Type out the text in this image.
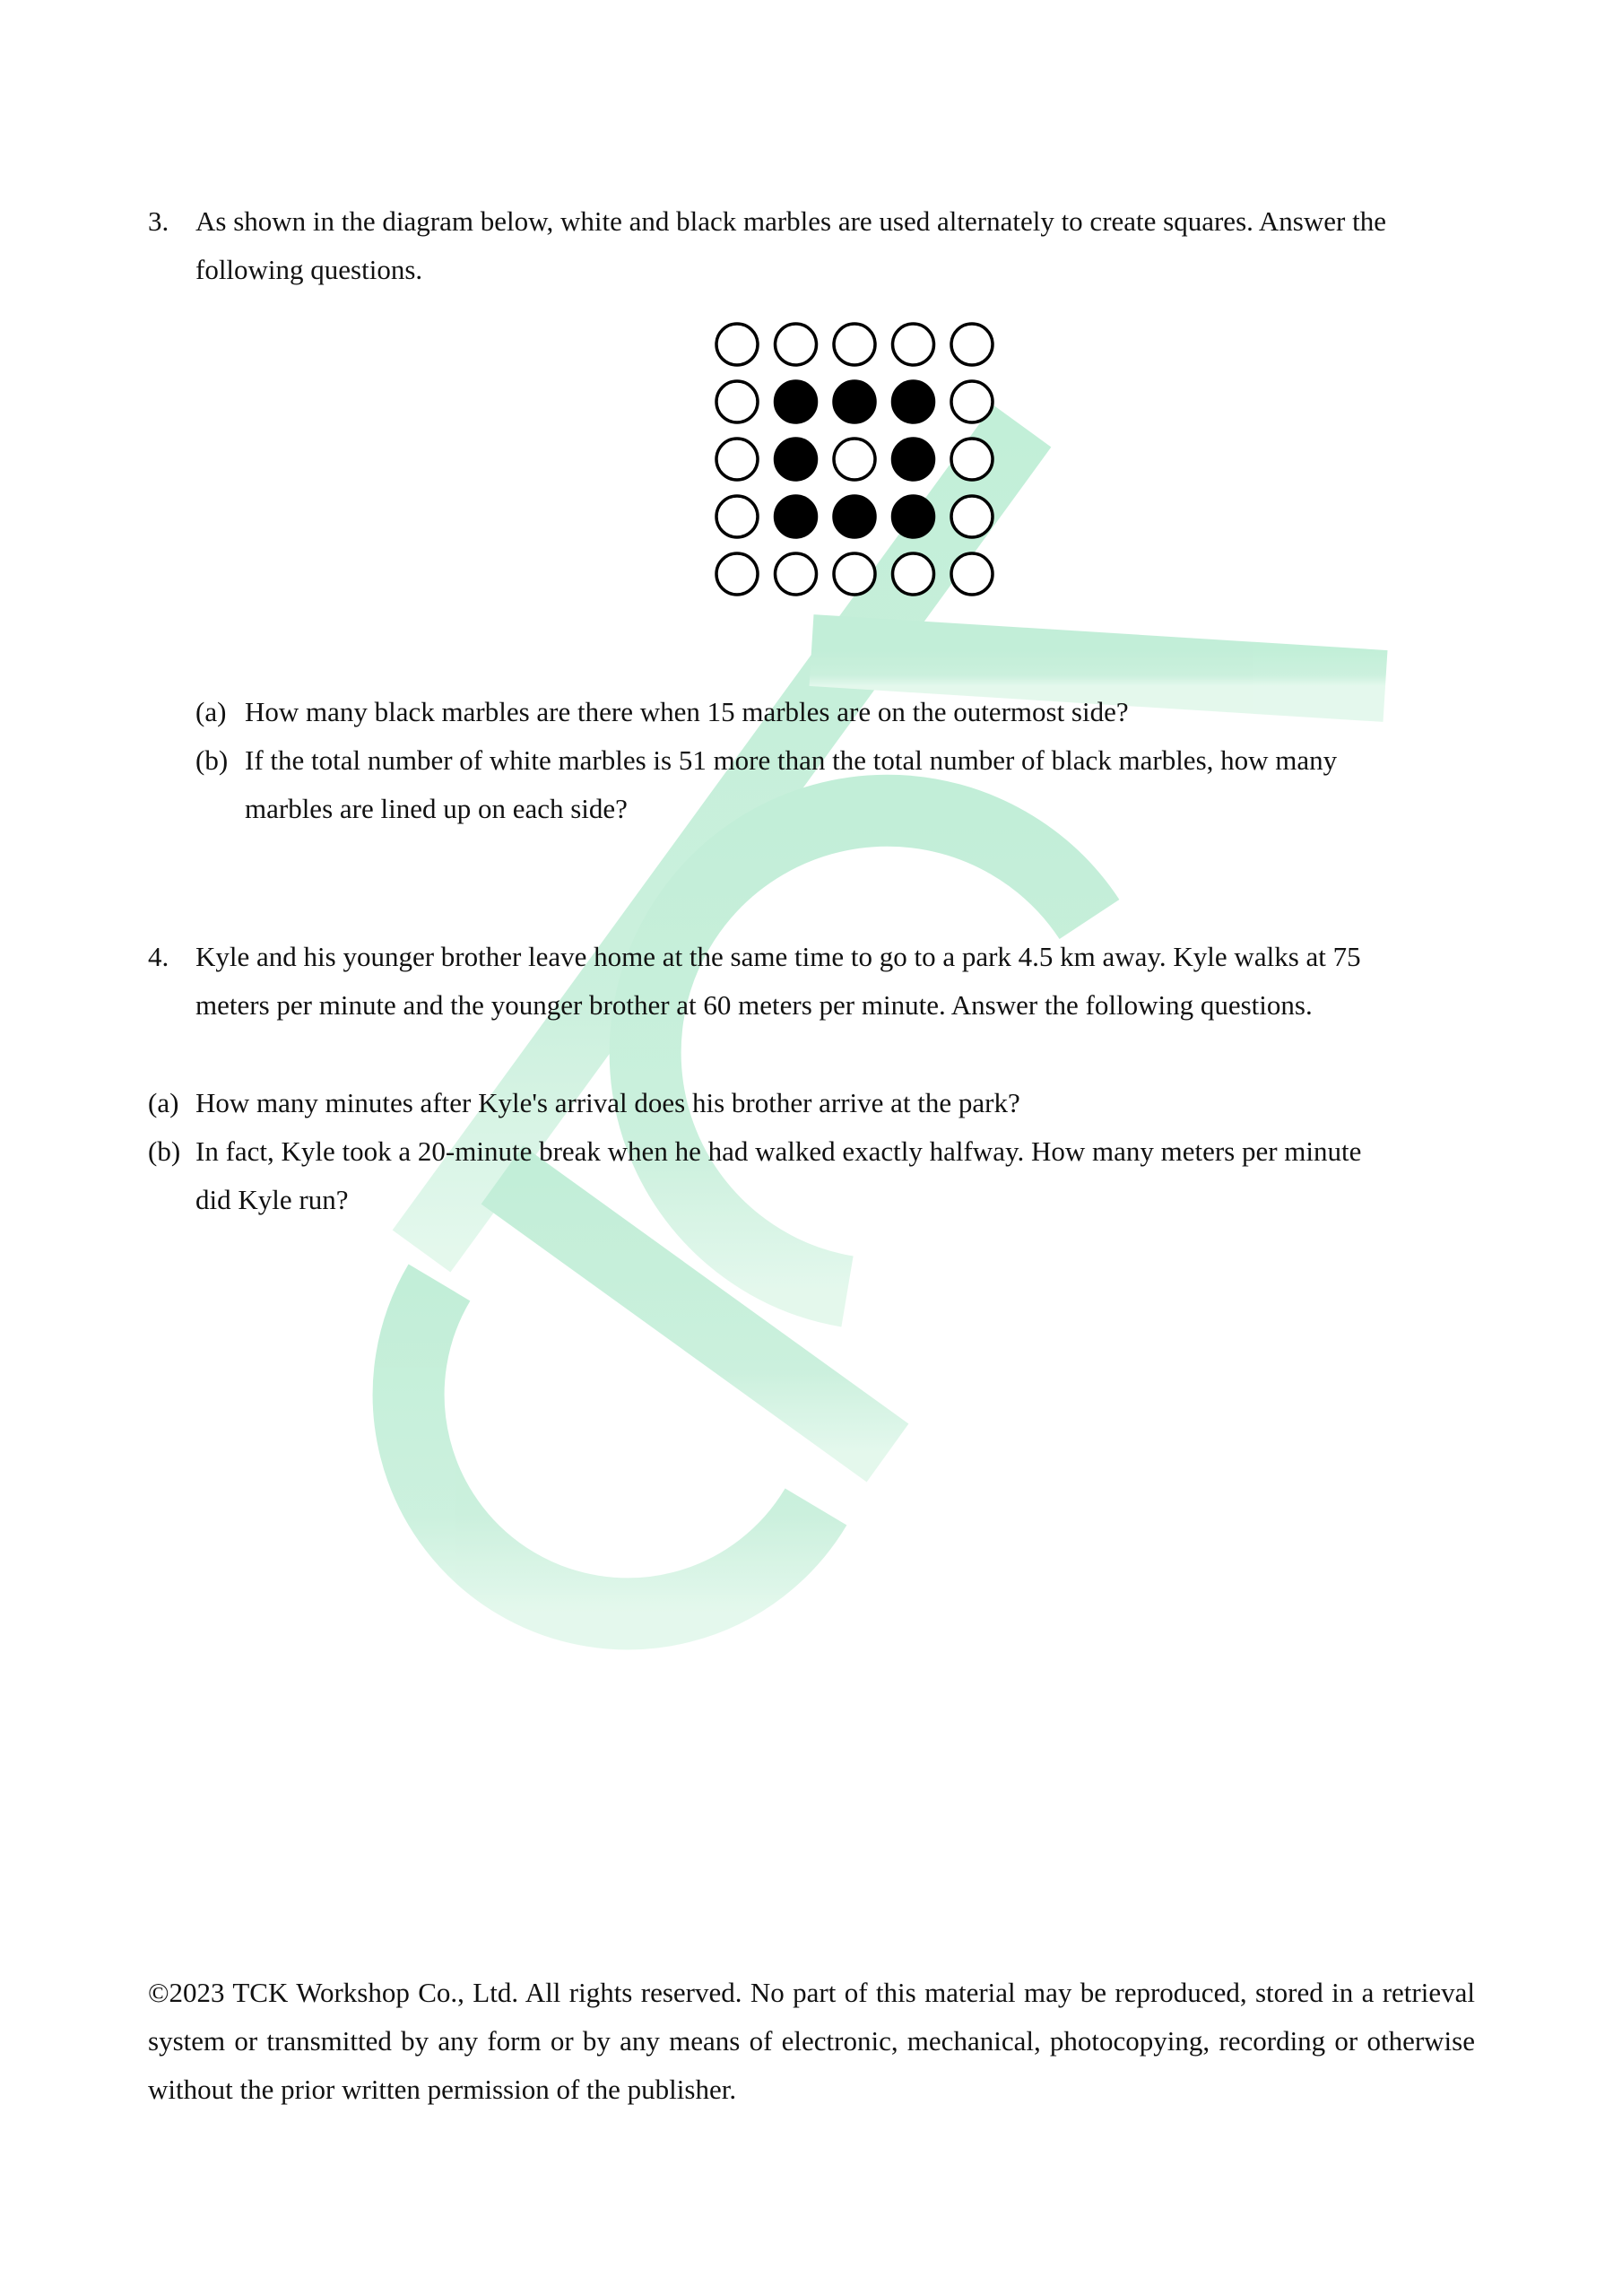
3. As shown in the diagram below, white and black marbles are used alternately to create squares. Answer the
following questions.
(a) How many black marbles are there when 15 marbles are on the outermost side?
(b) If the total number of white marbles is 51 more than the total number of black marbles, how many
marbles are lined up on each side?
4. Kyle and his younger brother leave home at the same time to go to a park 4.5 km away. Kyle walks at 75
meters per minute and the younger brother at 60 meters per minute. Answer the following questions.
(a) How many minutes after Kyle's arrival does his brother arrive at the park?
(b) In fact, Kyle took a 20-minute break when he had walked exactly halfway. How many meters per minute
did Kyle run?
©2023 TCK Workshop Co., Ltd. All rights reserved. No part of this material may be reproduced, stored in a retrieval system or transmitted by any form or by any means of electronic, mechanical, photocopying, recording or otherwise without the prior written permission of the publisher.
